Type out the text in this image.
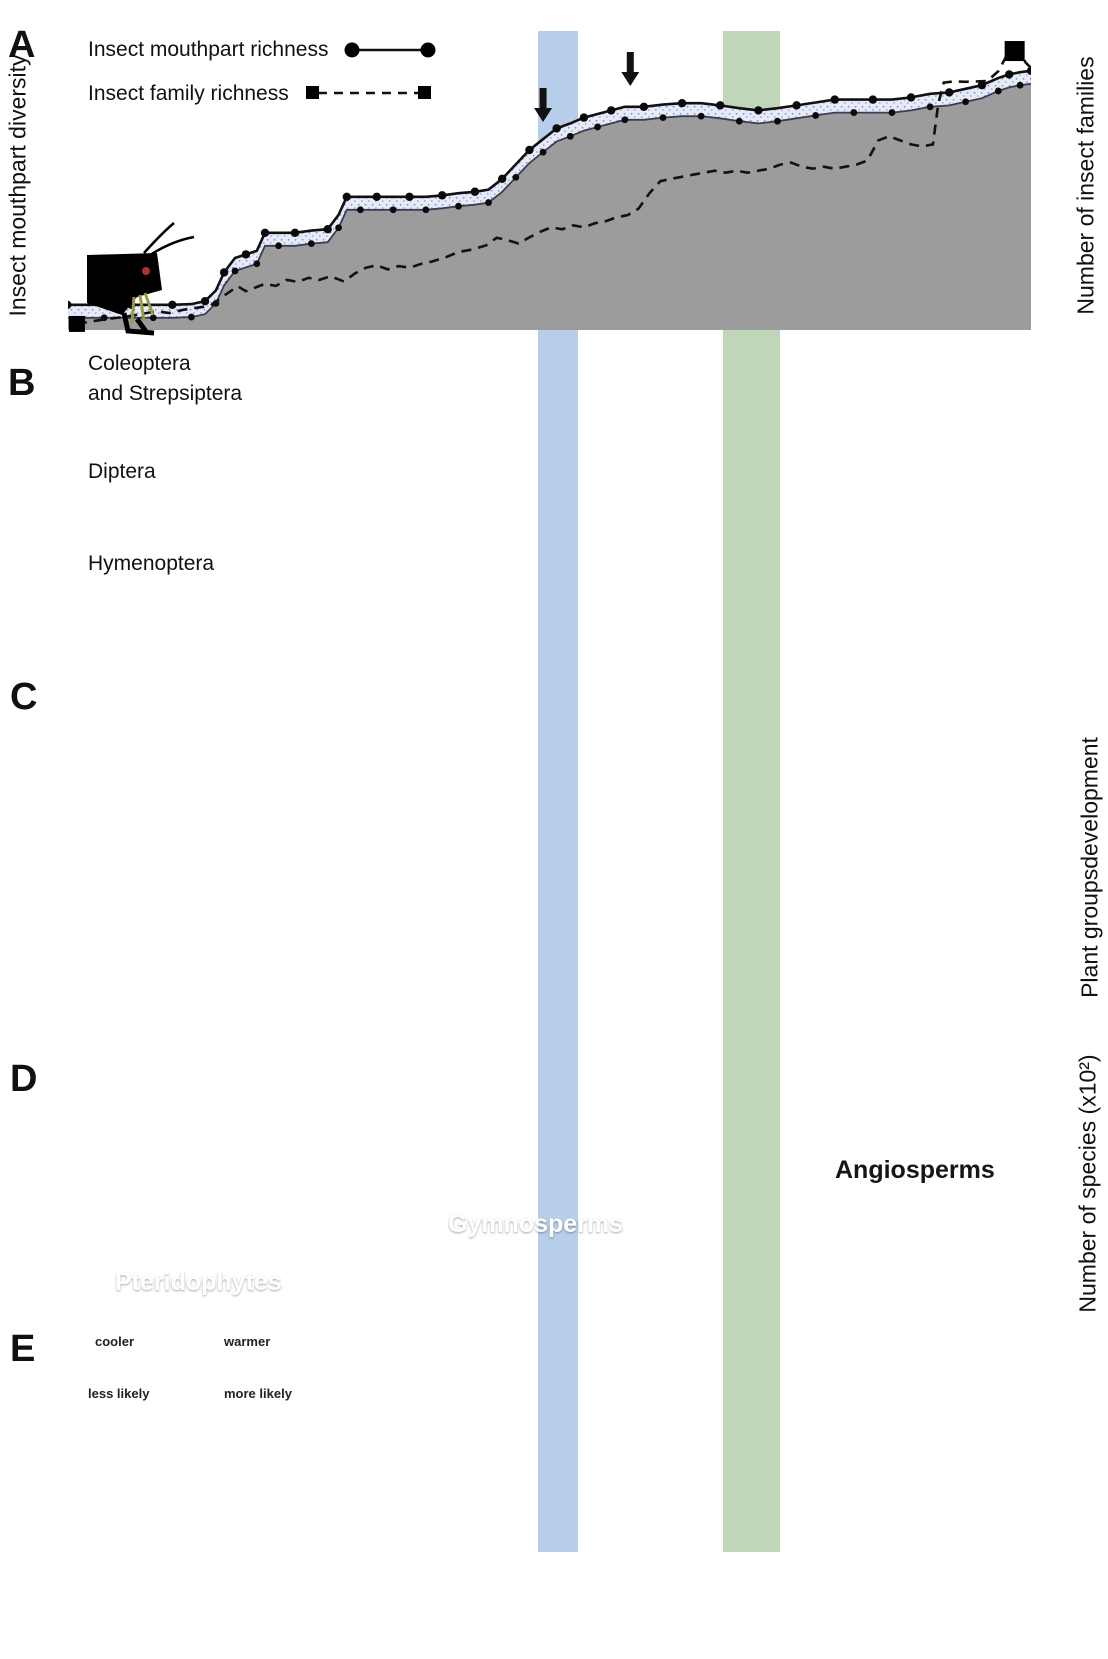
A
B
C
D
E
Insect mouthpart richness
Insect family richness
Insect mouthpart diversity	Number of insect families
Plant groupsdevelopment
Number of species (x10²)
Coleoptera
and Strepsiptera
Diptera
Hymenoptera
Pteridophytes
Gymnosperms
Angiosperms
cooler	warmer
less likely	more likely
